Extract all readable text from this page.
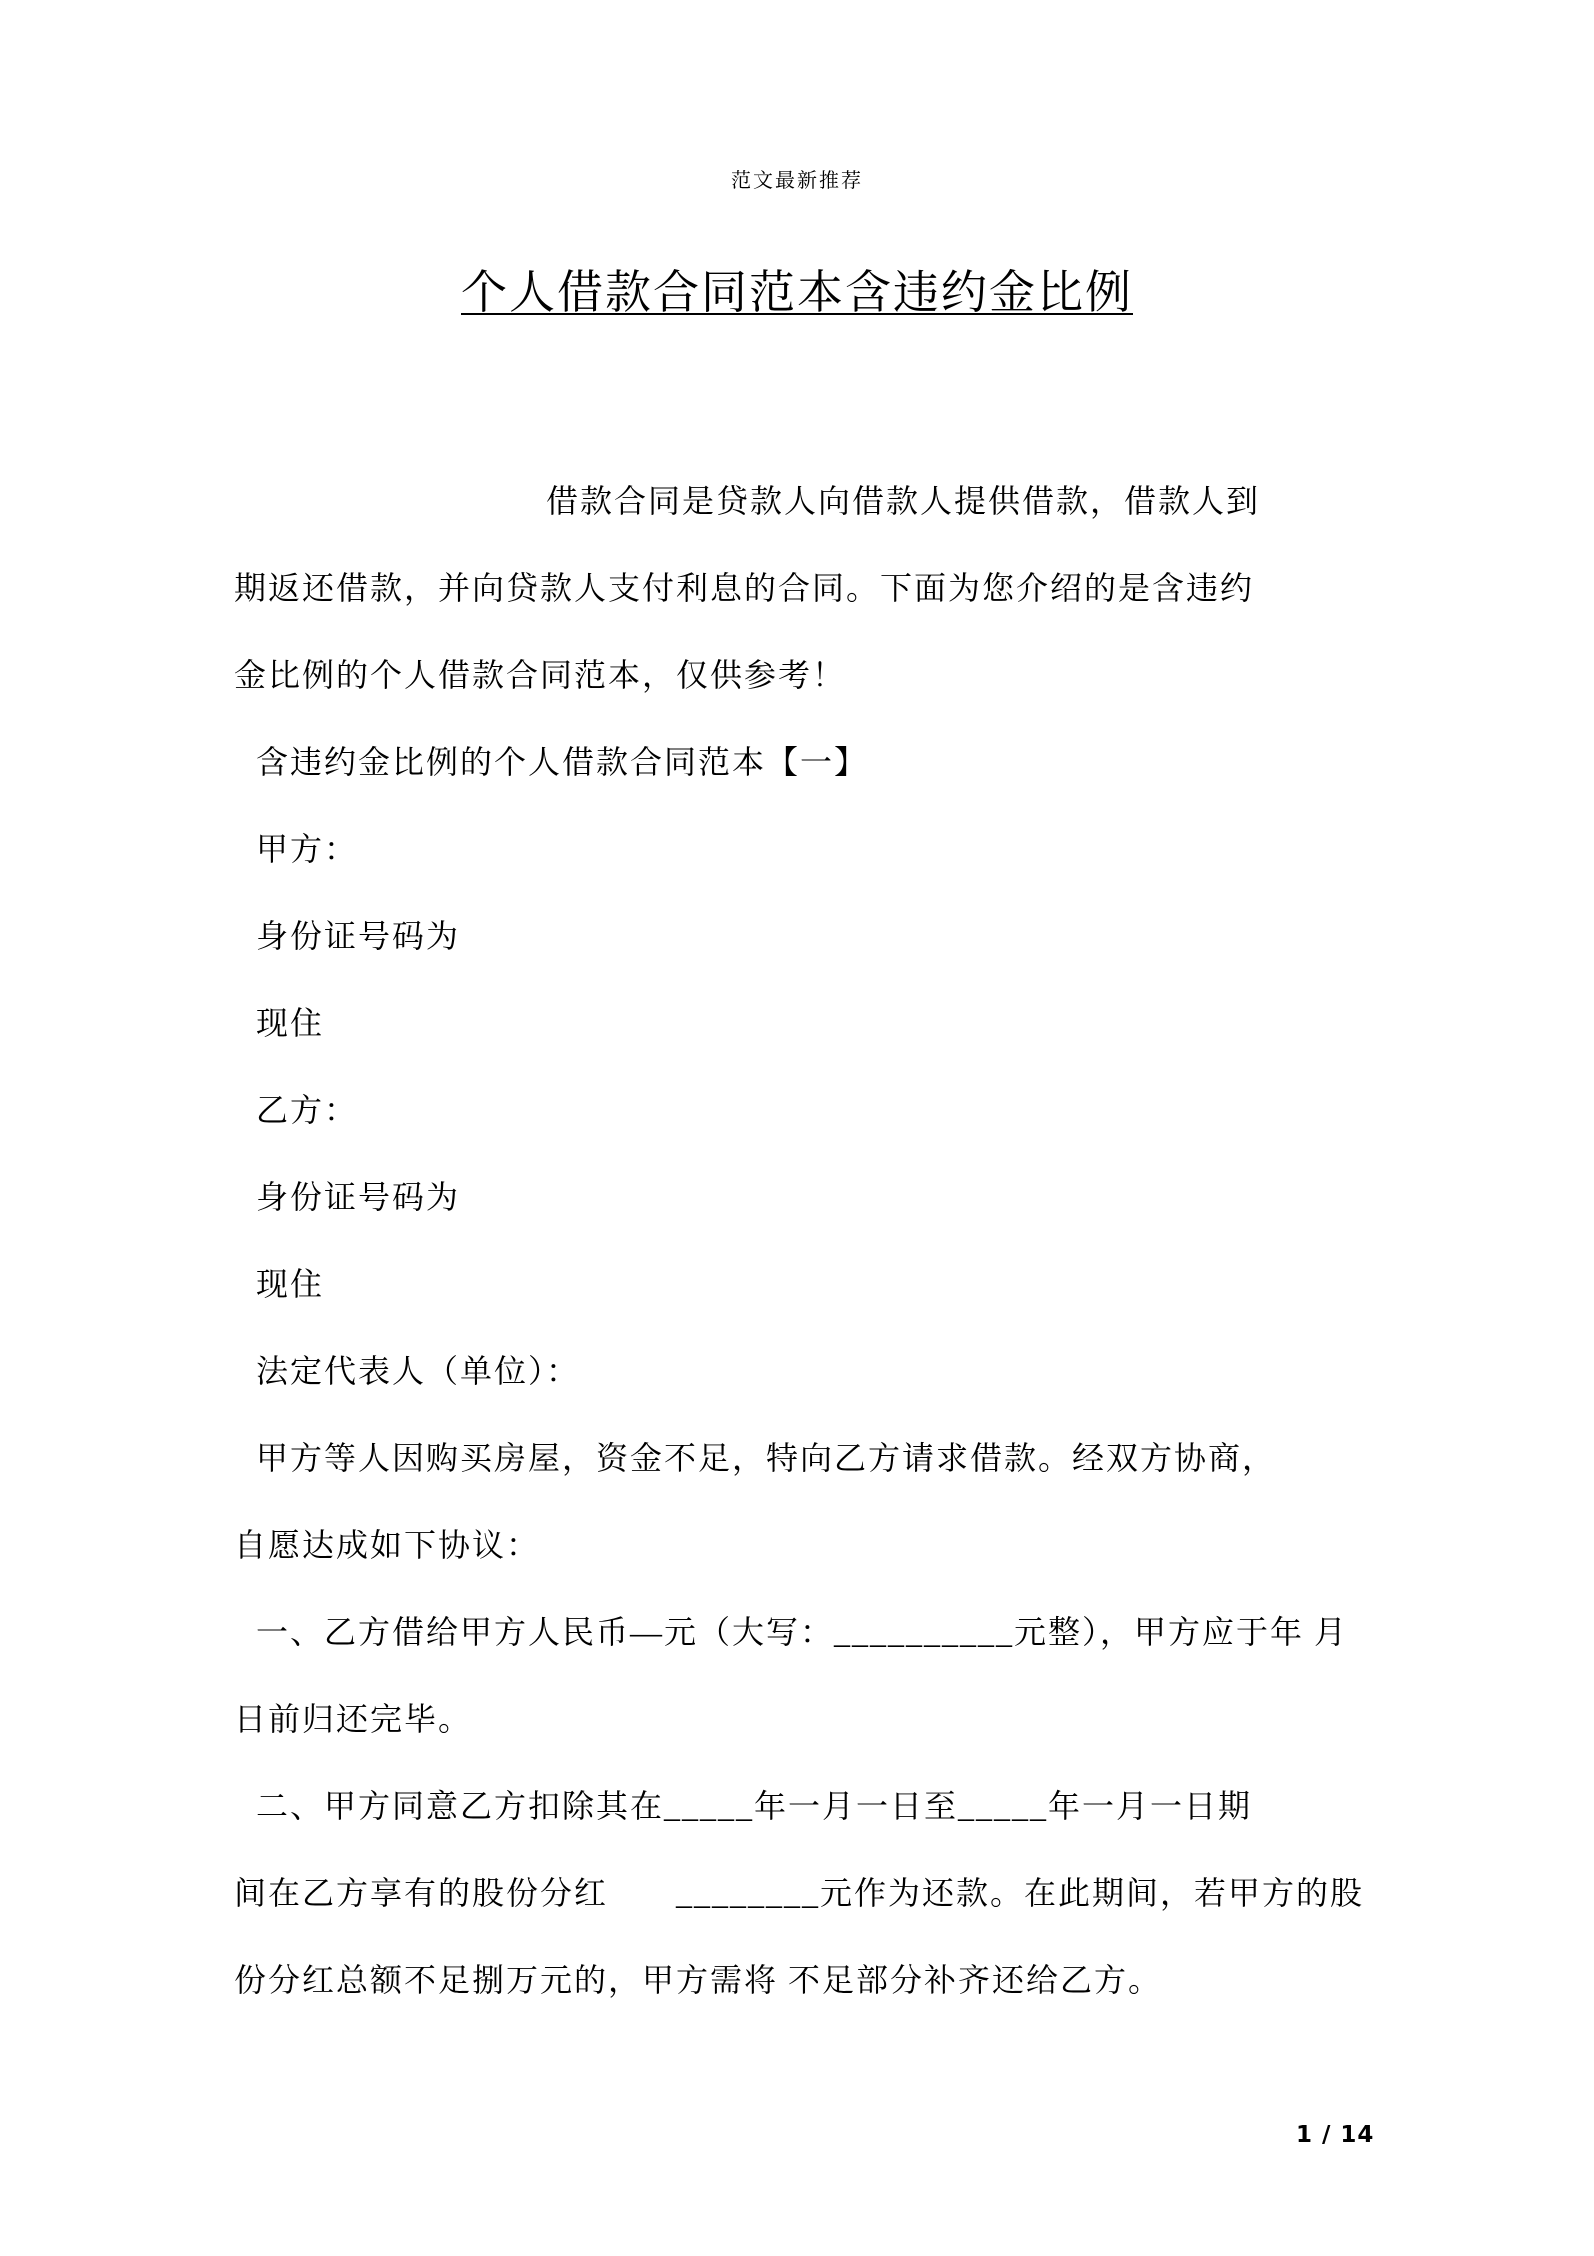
范文最新推荐
个人借款合同范本含违约金比例
借款合同是贷款人向借款人提供借款，借款人到
期返还借款，并向贷款人支付利息的合同。下面为您介绍的是含违约
金比例的个人借款合同范本，仅供参考！
含违约金比例的个人借款合同范本【一】
甲方：
身份证号码为
现住
乙方：
身份证号码为
现住
法定代表人（单位）：
甲方等人因购买房屋，资金不足，特向乙方请求借款。经双方协商，
自愿达成如下协议：
一、乙方借给甲方人民币—元（大写：__________元整），甲方应于年 月
日前归还完毕。
二、甲方同意乙方扣除其在_____年一月一日至_____年一月一日期
间在乙方享有的股份分红　　________元作为还款。在此期间，若甲方的股
份分红总额不足捌万元的，甲方需将 不足部分补齐还给乙方。
1 / 14
